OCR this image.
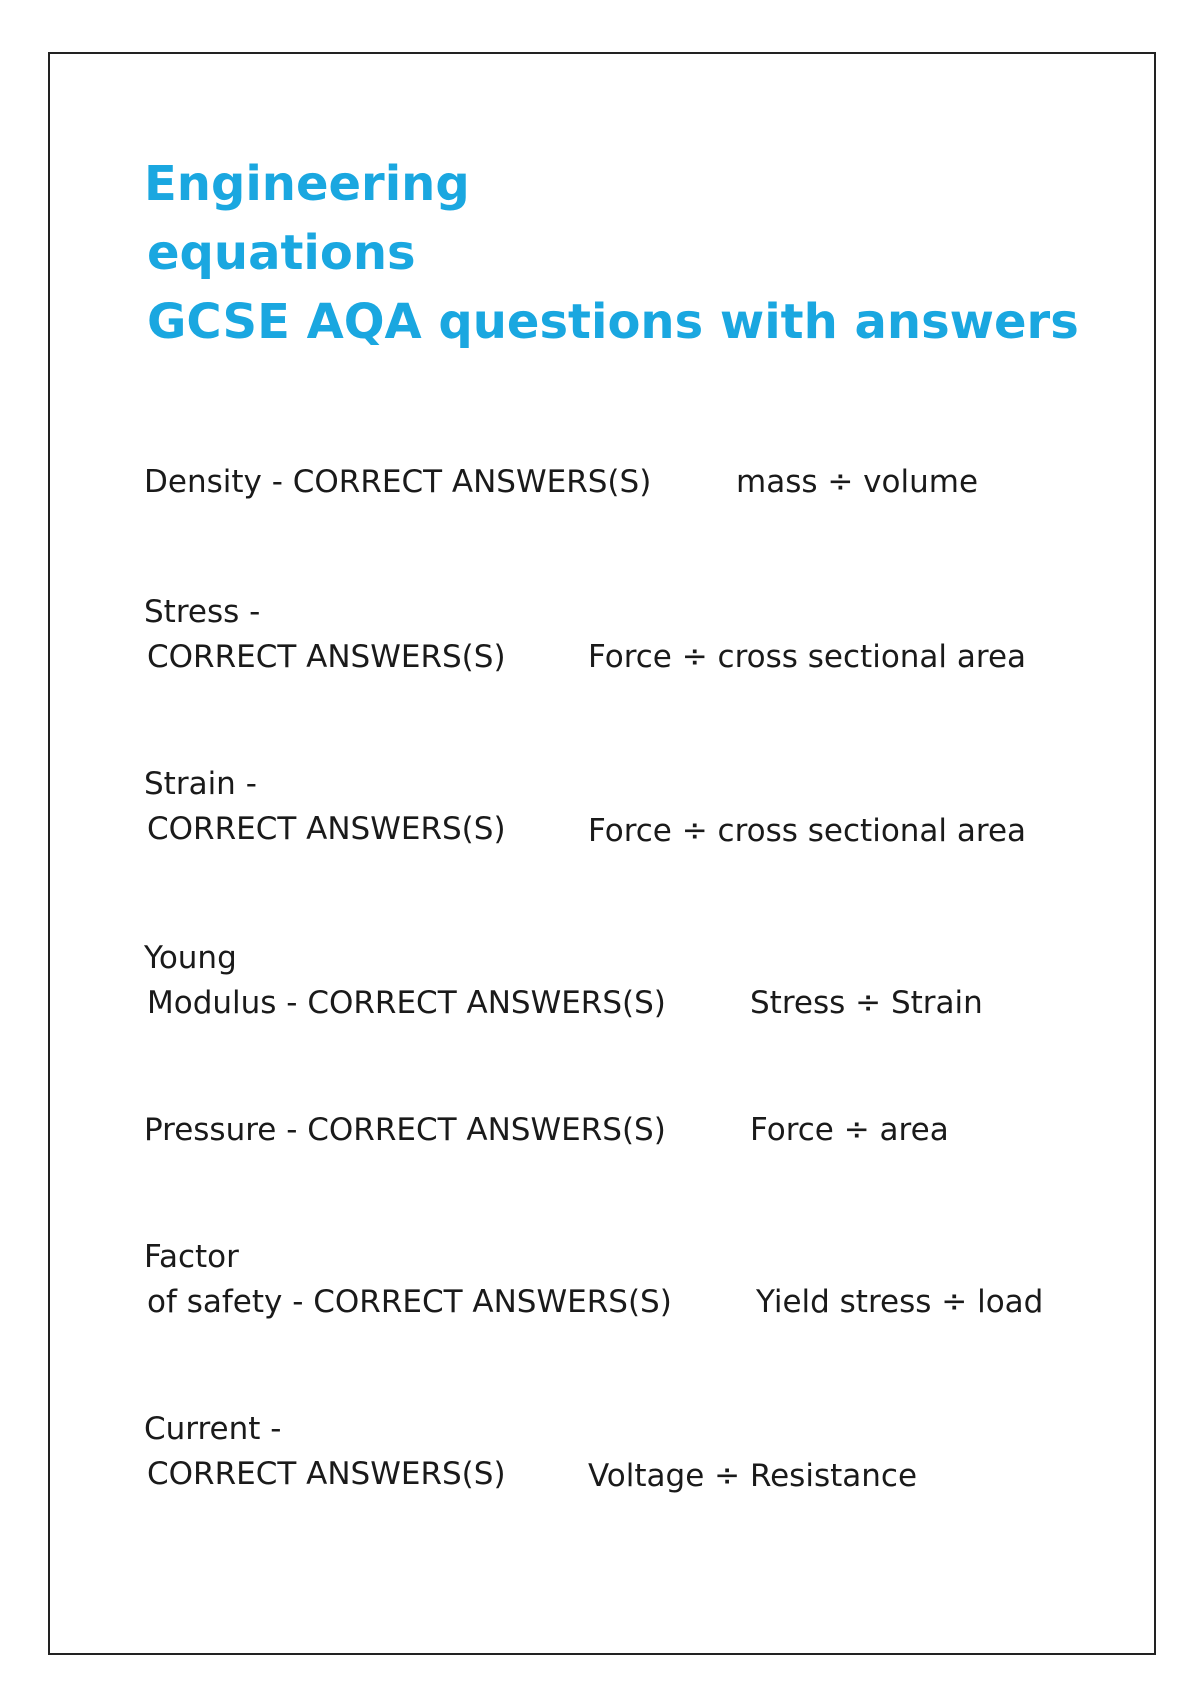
Engineering
equations
GCSE AQA questions with answers
Density - CORRECT ANSWERS(S)	mass ÷ volume
Stress -
CORRECT ANSWERS(S)	Force ÷ cross sectional area
Strain -
CORRECT ANSWERS(S)	Force ÷ cross sectional area
Young
Modulus - CORRECT ANSWERS(S)	Stress ÷ Strain
Pressure - CORRECT ANSWERS(S)	Force ÷ area
Factor
of safety - CORRECT ANSWERS(S)	Yield stress ÷ load
Current -
CORRECT ANSWERS(S)	Voltage ÷ Resistance
